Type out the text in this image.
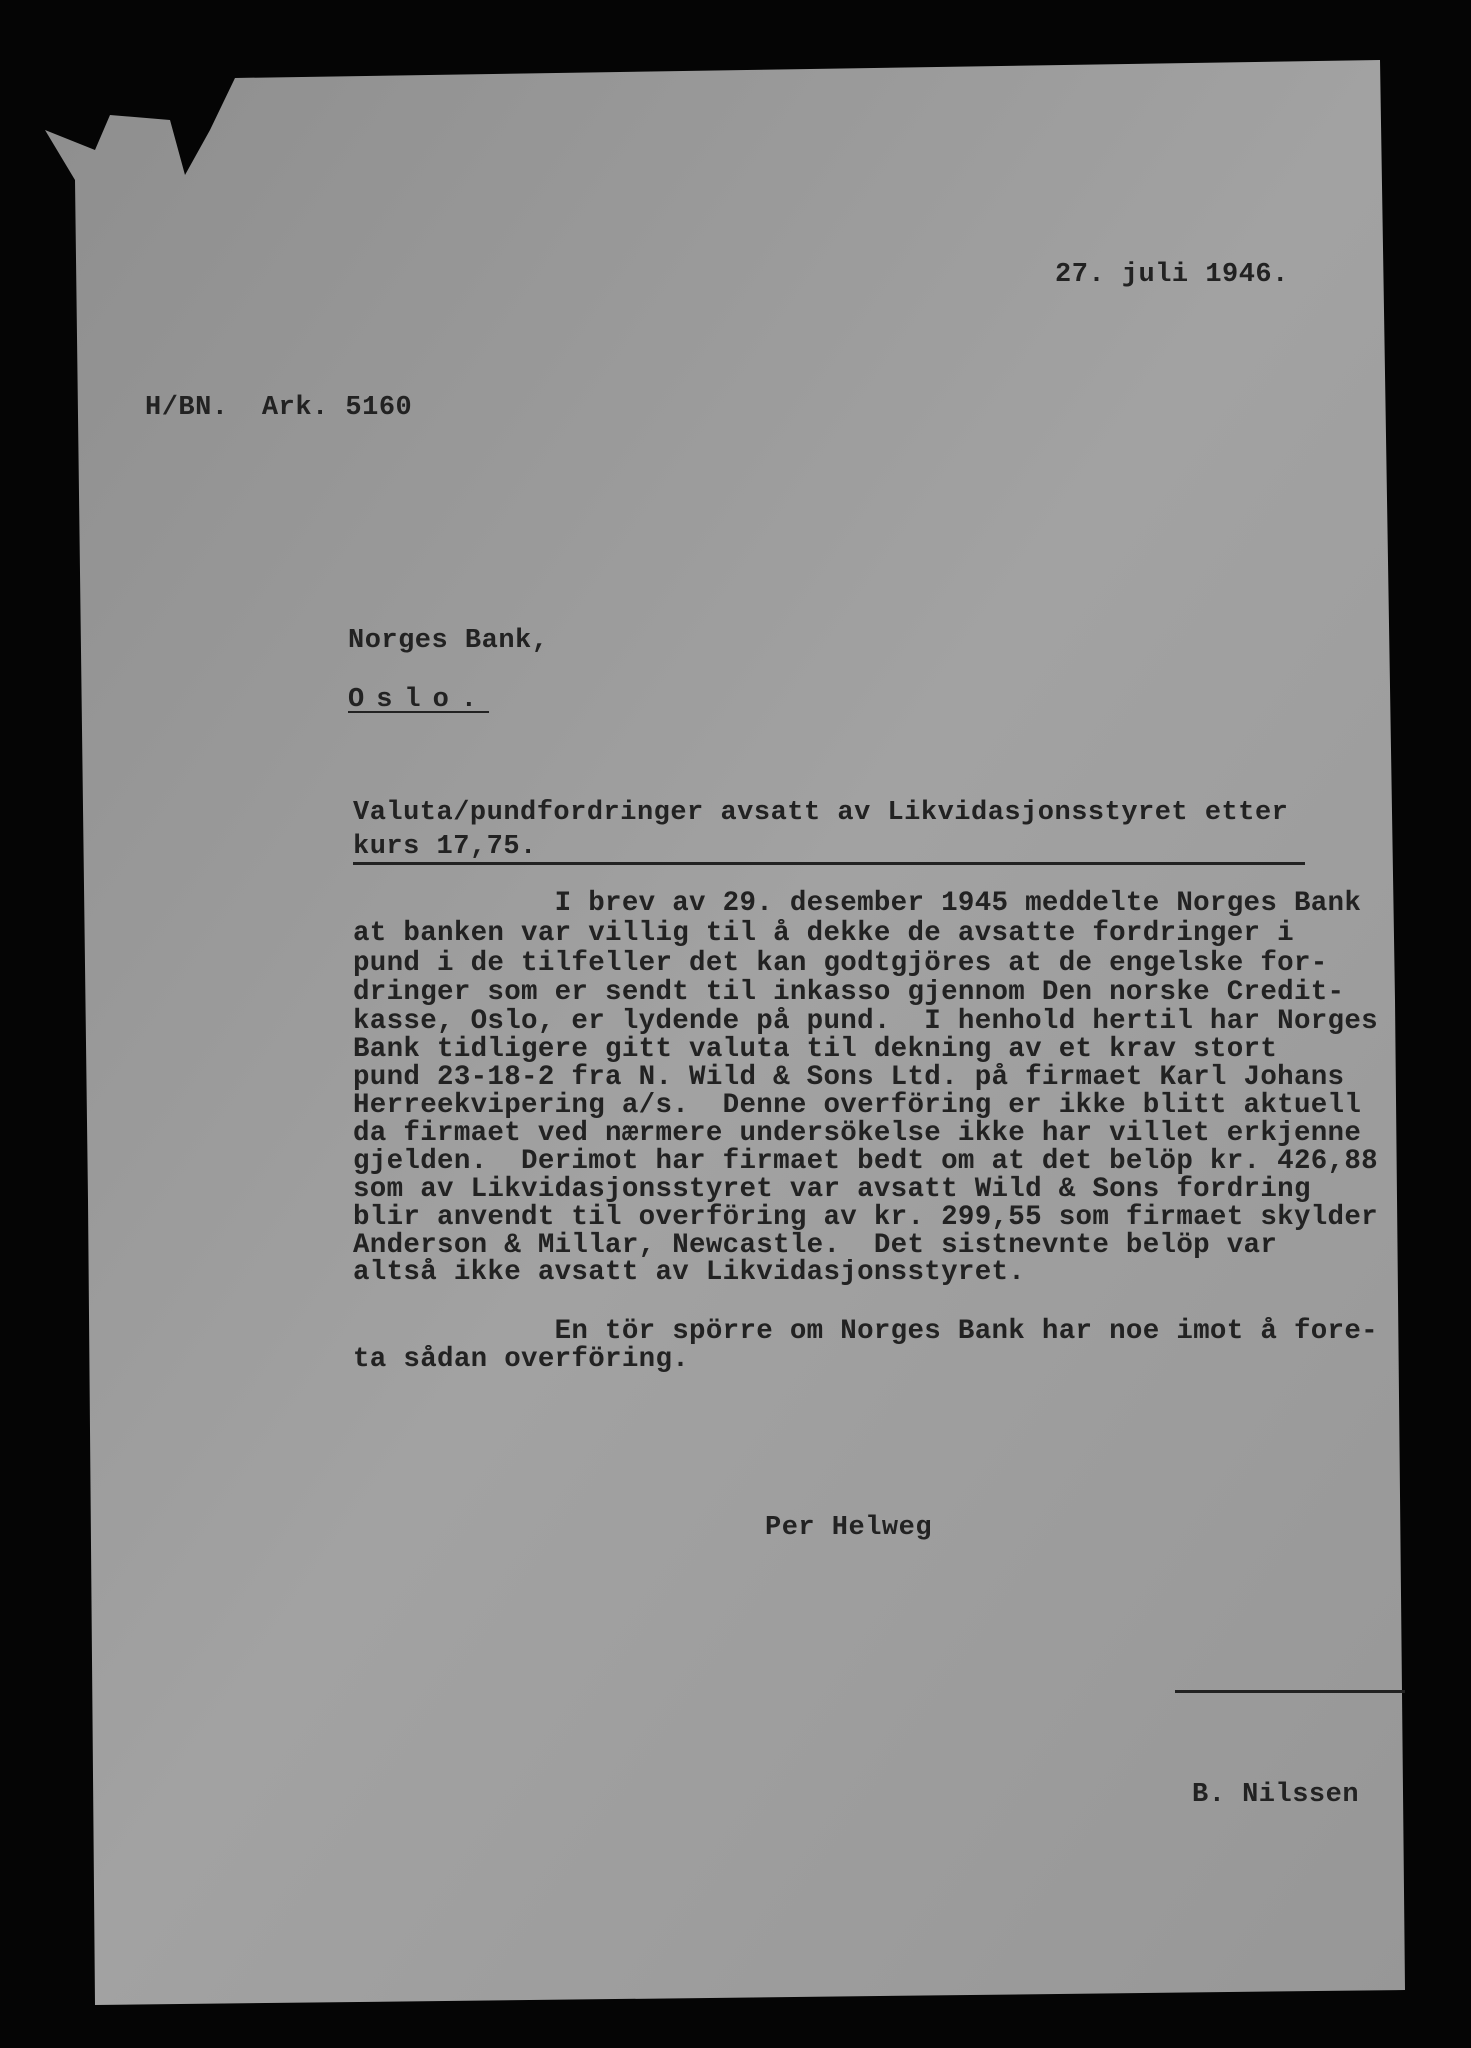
27. juli 1946.

H/BN.  Ark. 5160

Norges Bank,

Oslo.

Valuta/pundfordringer avsatt av Likvidasjonsstyret etter

kurs 17,75.

I brev av 29. desember 1945 meddelte Norges Bank

at banken var villig til å dekke de avsatte fordringer i

pund i de tilfeller det kan godtgjöres at de engelske for-

dringer som er sendt til inkasso gjennom Den norske Credit-

kasse, Oslo, er lydende på pund.  I henhold hertil har Norges

Bank tidligere gitt valuta til dekning av et krav stort

pund 23-18-2 fra N. Wild & Sons Ltd. på firmaet Karl Johans

Herreekvipering a/s.  Denne overföring er ikke blitt aktuell

da firmaet ved nærmere undersökelse ikke har villet erkjenne

gjelden.  Derimot har firmaet bedt om at det belöp kr. 426,88

som av Likvidasjonsstyret var avsatt Wild & Sons fordring

blir anvendt til overföring av kr. 299,55 som firmaet skylder

Anderson & Millar, Newcastle.  Det sistnevnte belöp var

altså ikke avsatt av Likvidasjonsstyret.

En tör spörre om Norges Bank har noe imot å fore-

ta sådan overföring.

Per Helweg

B. Nilssen
